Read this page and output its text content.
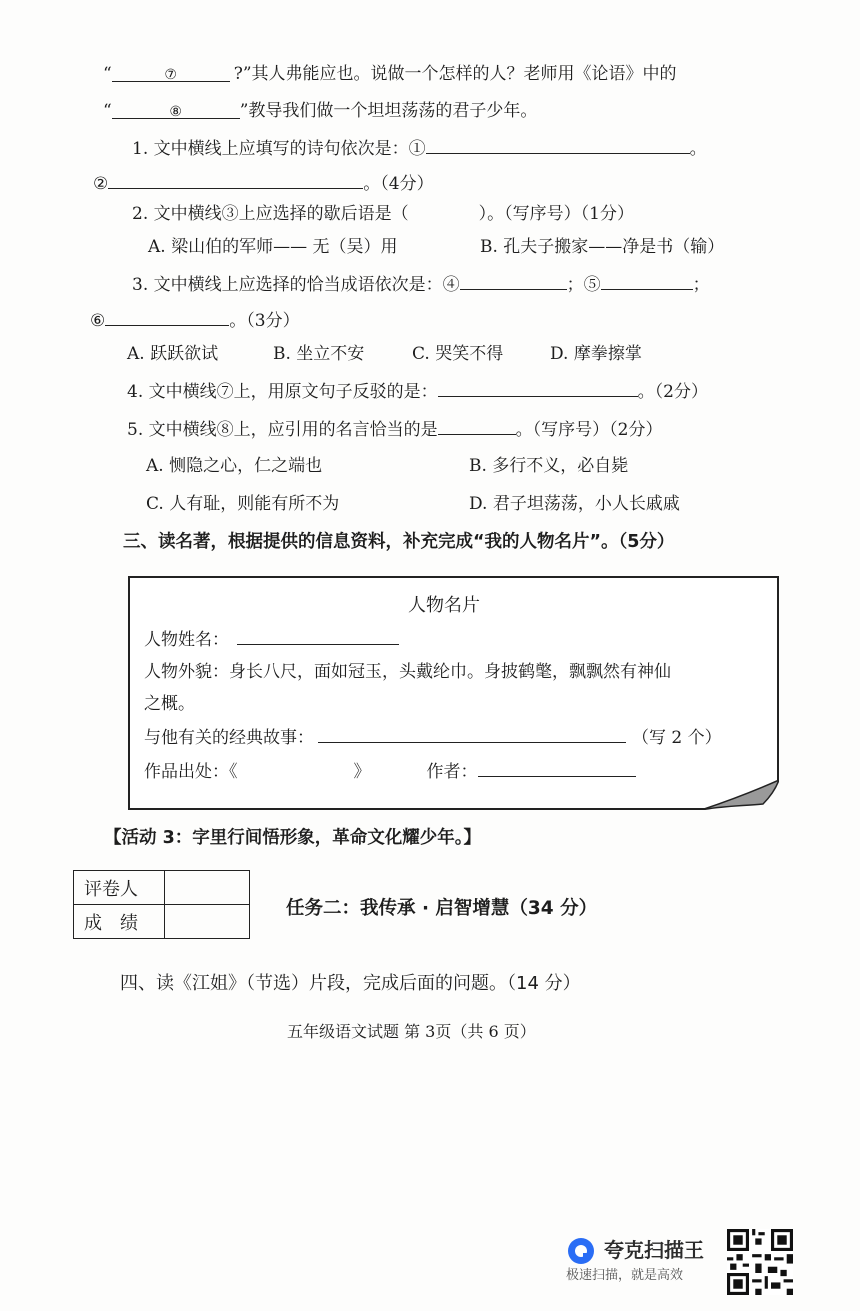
“	⑦	?”其人弗能应也。说做一个怎样的人？老师用《论语》中的
“	⑧	”教导我们做一个坦坦荡荡的君子少年。
1. 文中横线上应填写的诗句依次是：①	。
②	。（4分）
2. 文中横线③上应选择的歇后语是（	）。（写序号）（1分）
A. 梁山伯的军师—— 无（吴）用	B. 孔夫子搬家——净是书（输）
3. 文中横线上应选择的恰当成语依次是：④	；⑤	；
⑥	。（3分）
A. 跃跃欲试	B. 坐立不安	C. 哭笑不得	D. 摩拳擦掌
4. 文中横线⑦上，用原文句子反驳的是：	。（2分）
5. 文中横线⑧上，应引用的名言恰当的是	。（写序号）（2分）
A. 恻隐之心，仁之端也	B. 多行不义，必自毙
C. 人有耻，则能有所不为	D. 君子坦荡荡，小人长戚戚
三、读名著，根据提供的信息资料，补充完成“我的人物名片”。（5分）
人物名片
人物姓名：
人物外貌：身长八尺，面如冠玉，头戴纶巾。身披鹤氅，飘飘然有神仙
之概。
与他有关的经典故事：	（写 2 个）
作品出处：《	》	作者：
【活动 3：字里行间悟形象，革命文化耀少年。】
评卷人	
成　绩	
任务二：我传承 · 启智增慧（34 分）
四、读《江姐》（节选）片段，完成后面的问题。（14 分）
五年级语文试题 第 3页（共 6 页）
夸克扫描王
极速扫描，就是高效
